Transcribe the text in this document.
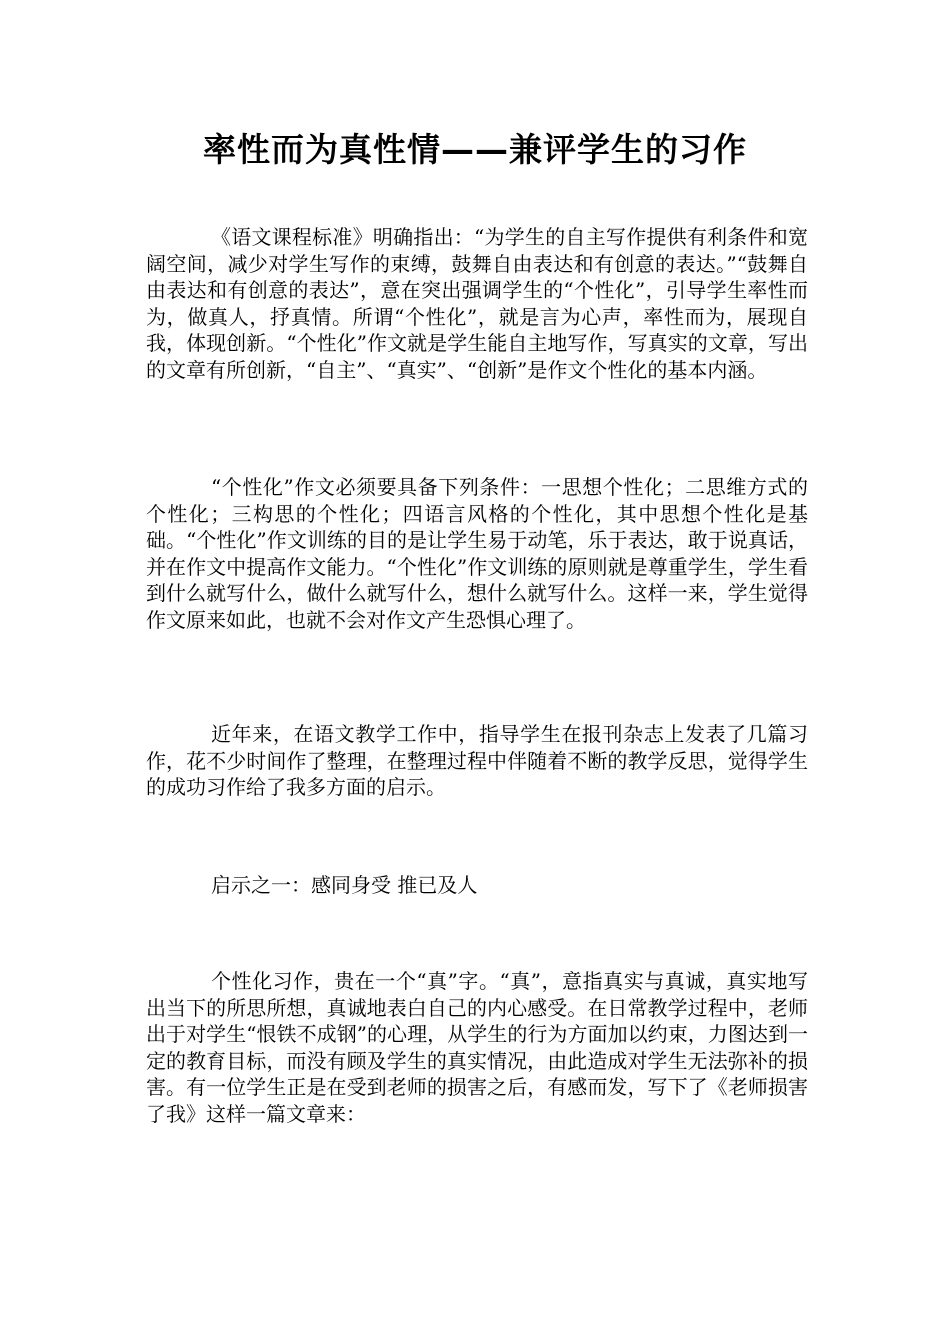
率性而为真性情——兼评学生的习作

《语文课程标准》明确指出：“为学生的自主写作提供有利条件和宽阔空间，减少对学生写作的束缚，鼓舞自由表达和有创意的表达。”“鼓舞自由表达和有创意的表达”，意在突出强调学生的“个性化”，引导学生率性而为，做真人，抒真情。所谓“个性化”，就是言为心声，率性而为，展现自我，体现创新。“个性化”作文就是学生能自主地写作，写真实的文章，写出的文章有所创新，“自主”、“真实”、“创新”是作文个性化的基本内涵。

“个性化”作文必须要具备下列条件：一思想个性化；二思维方式的个性化；三构思的个性化；四语言风格的个性化，其中思想个性化是基础。“个性化”作文训练的目的是让学生易于动笔，乐于表达，敢于说真话，并在作文中提高作文能力。“个性化”作文训练的原则就是尊重学生，学生看到什么就写什么，做什么就写什么，想什么就写什么。这样一来，学生觉得作文原来如此，也就不会对作文产生恐惧心理了。

近年来，在语文教学工作中，指导学生在报刊杂志上发表了几篇习作，花不少时间作了整理，在整理过程中伴随着不断的教学反思，觉得学生的成功习作给了我多方面的启示。

启示之一：感同身受 推已及人

个性化习作，贵在一个“真”字。“真”，意指真实与真诚，真实地写出当下的所思所想，真诚地表白自己的内心感受。在日常教学过程中，老师出于对学生“恨铁不成钢”的心理，从学生的行为方面加以约束，力图达到一定的教育目标，而没有顾及学生的真实情况，由此造成对学生无法弥补的损害。有一位学生正是在受到老师的损害之后，有感而发，写下了《老师损害了我》这样一篇文章来：
